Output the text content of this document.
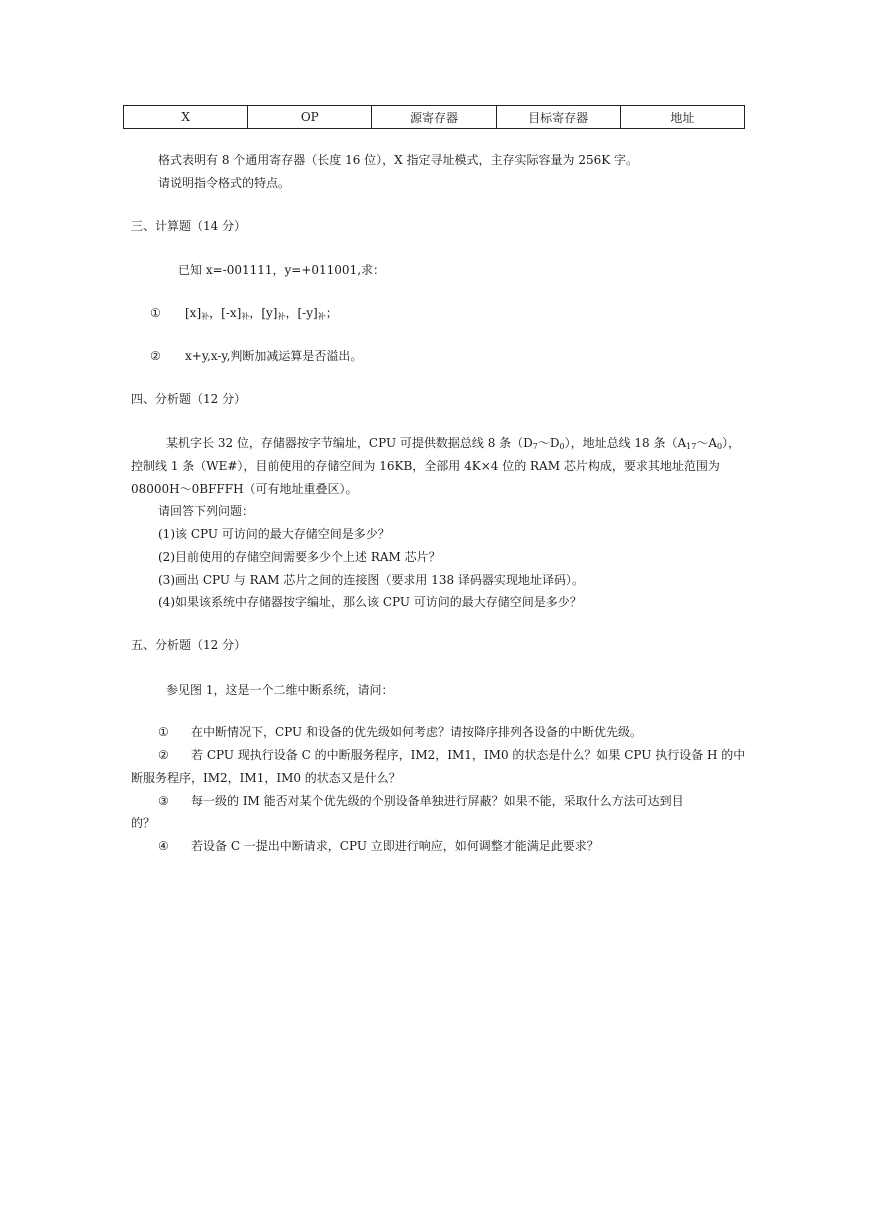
X	OP	源寄存器	目标寄存器	地址
格式表明有 8 个通用寄存器（长度 16 位），X 指定寻址模式，主存实际容量为 256K 字。
请说明指令格式的特点。
三、计算题（14 分）
已知 x=-001111，y=+011001,求：
① $[x]_补$，$[-x]_补$，$[y]_补$，$[-y]_补$；
② x+y,x-y,判断加减运算是否溢出。
四、分析题（12 分）
某机字长 32 位，存储器按字节编址，CPU 可提供数据总线 8 条$(D_7\sim D_0)$，地址总线 18 条$(A_{17}\sim A_0)$，
控制线 1 条（WE#），目前使用的存储空间为 16KB，全部用 4K×4 位的 RAM 芯片构成，要求其地址范围为
08000H～0BFFFH（可有地址重叠区）。
请回答下列问题：
(1)该 CPU 可访问的最大存储空间是多少？
(2)目前使用的存储空间需要多少个上述 RAM 芯片？
(3)画出 CPU 与 RAM 芯片之间的连接图（要求用 138 译码器实现地址译码）。
(4)如果该系统中存储器按字编址，那么该 CPU 可访问的最大存储空间是多少？
五、分析题（12 分）
参见图 1，这是一个二维中断系统，请问：
① 在中断情况下，CPU 和设备的优先级如何考虑？请按降序排列各设备的中断优先级。
② 若 CPU 现执行设备 C 的中断服务程序，IM2，IM1，IM0 的状态是什么？如果 CPU 执行设备 H 的中
断服务程序，IM2，IM1，IM0 的状态又是什么？
③ 每一级的 IM 能否对某个优先级的个别设备单独进行屏蔽？如果不能，采取什么方法可达到目
的？
④ 若设备 C 一提出中断请求，CPU 立即进行响应，如何调整才能满足此要求？
